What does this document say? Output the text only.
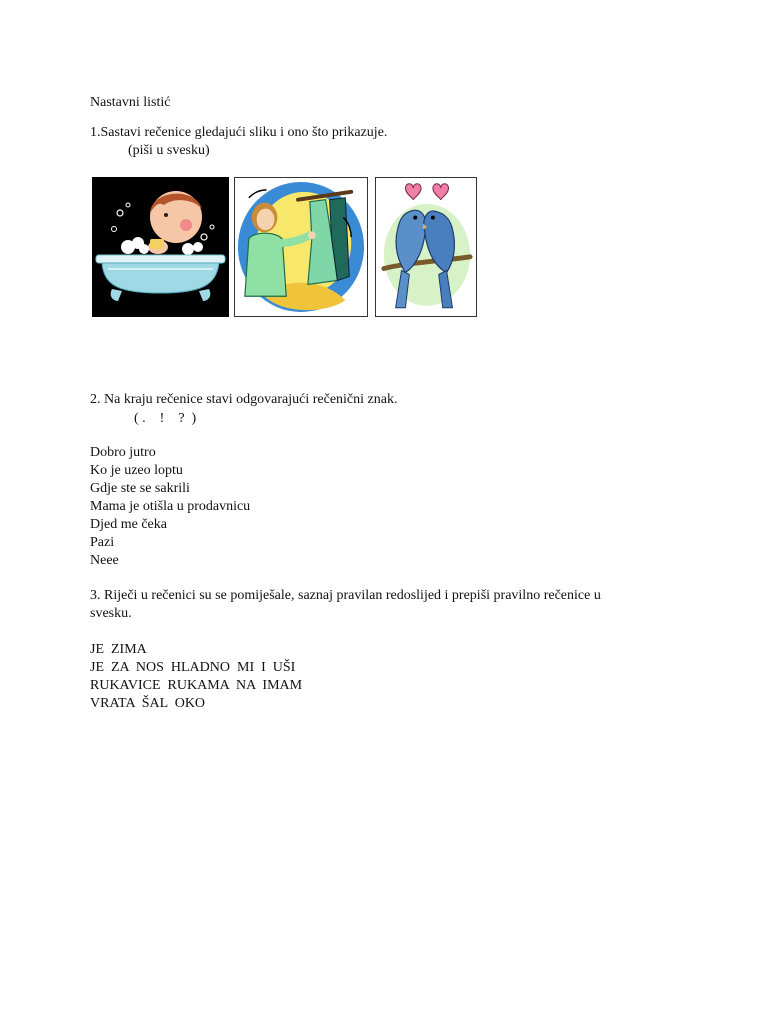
Nastavni listić
1.Sastavi rečenice gledajući sliku i ono što prikazuje.
(piši u svesku)
2. Na kraju rečenice stavi odgovarajući rečenični znak.
( .    !    ?  )
Dobro jutro
Ko je uzeo loptu
Gdje ste se sakrili
Mama je otišla u prodavnicu
Djed me čeka
Pazi
Neee
3. Riječi u rečenici su se pomiješale, saznaj pravilan redoslijed i prepiši pravilno rečenice u
svesku.
JE  ZIMA
JE  ZA  NOS  HLADNO  MI  I  UŠI
RUKAVICE  RUKAMA  NA  IMAM
VRATA  ŠAL  OKO
